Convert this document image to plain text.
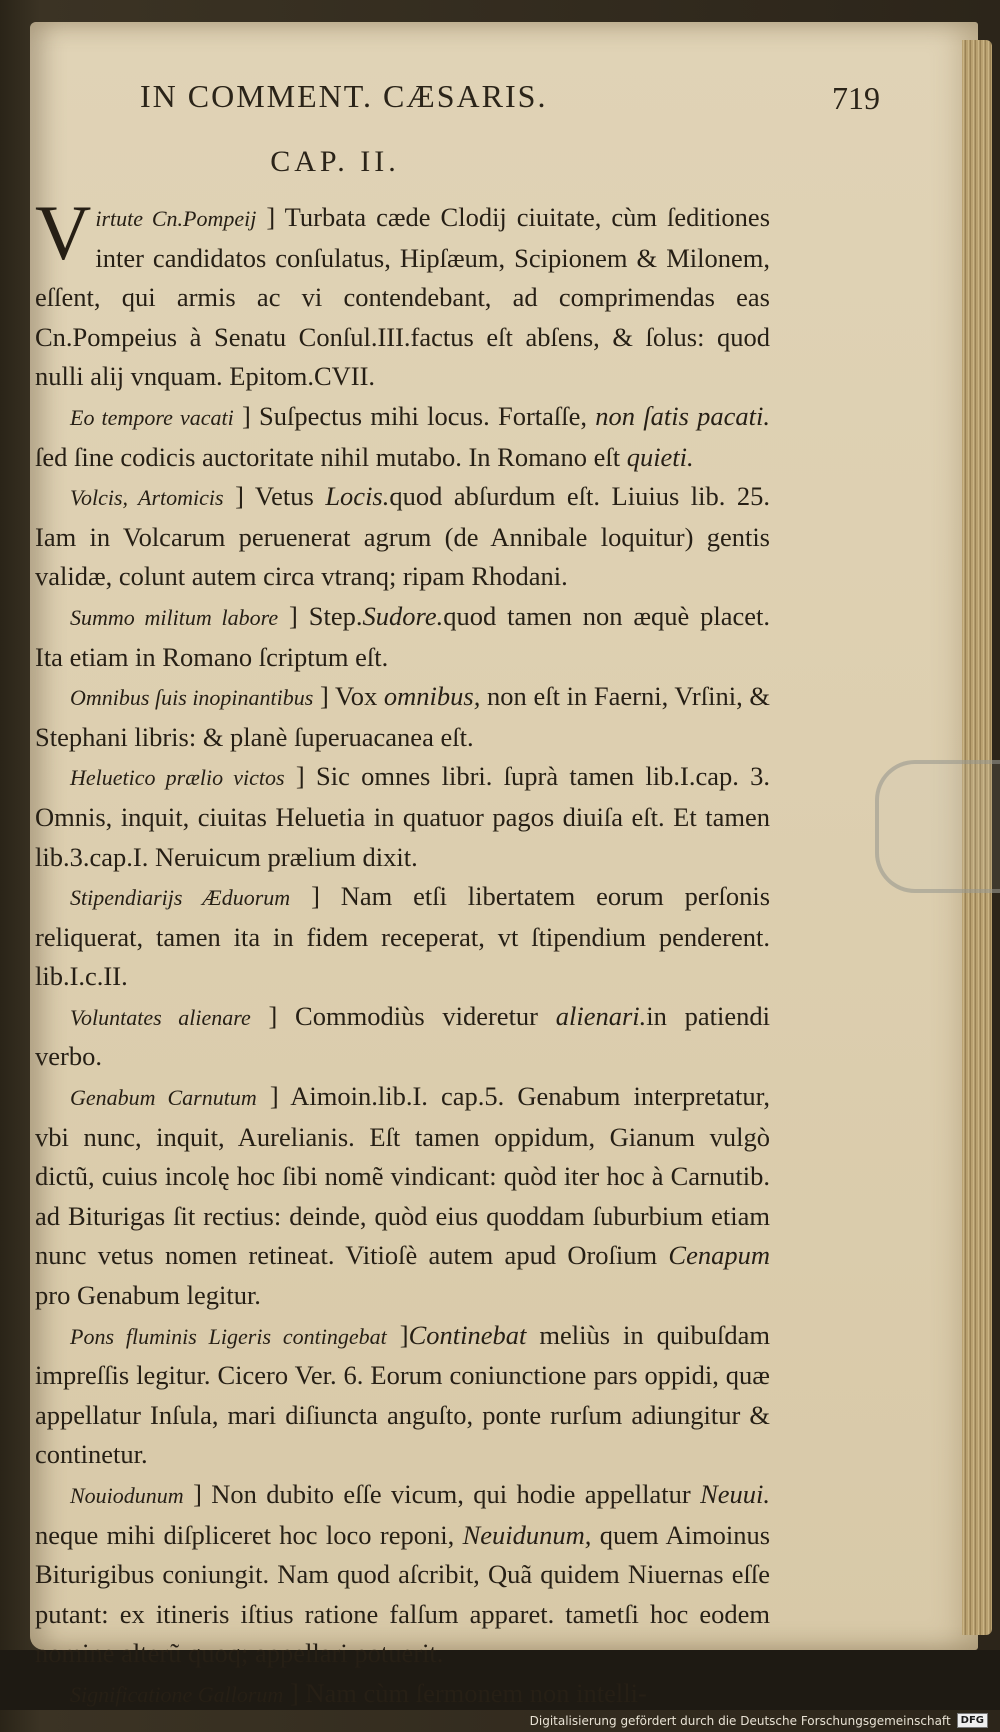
IN COMMENT. CÆSARIS.	719
CAP. II.

Virtute Cn.Pompeij ] Turbata cæde Clodij ciuitate, cùm ſeditiones inter candidatos conſulatus, Hipſæum, Scipionem & Milonem, eſſent, qui armis ac vi contendebant, ad comprimendas eas Cn.Pompeius à Senatu Conſul.III.factus eſt abſens, & ſolus: quod nulli alij vnquam. Epitom.CVII.

Eo tempore vacati ] Suſpectus mihi locus. Fortaſſe, non ſatis pacati. ſed ſine codicis auctoritate nihil mutabo. In Romano eſt quieti.

Volcis, Artomicis ] Vetus Locis.quod abſurdum eſt. Liuius lib. 25. Iam in Volcarum peruenerat agrum (de Annibale loquitur) gentis validæ, colunt autem circa vtranq; ripam Rhodani.

Summo militum labore ] Step.Sudore.quod tamen non æquè placet. Ita etiam in Romano ſcriptum eſt.

Omnibus ſuis inopinantibus ] Vox omnibus, non eſt in Faerni, Vrſini, & Stephani libris: & planè ſuperuacanea eſt.

Heluetico prælio victos ] Sic omnes libri. ſuprà tamen lib.I.cap. 3. Omnis, inquit, ciuitas Heluetia in quatuor pagos diuiſa eſt. Et tamen lib.3.cap.I. Neruicum prælium dixit.

Stipendiarijs Æduorum ] Nam etſi libertatem eorum perſonis reliquerat, tamen ita in fidem receperat, vt ſtipendium penderent. lib.I.c.II.

Voluntates alienare ] Commodiùs videretur alienari.in patiendi verbo.

Genabum Carnutum ] Aimoin.lib.I. cap.5. Genabum interpretatur, vbi nunc, inquit, Aurelianis. Eſt tamen oppidum, Gianum vulgò dictũ, cuius incolę hoc ſibi nomẽ vindicant: quòd iter hoc à Carnutib. ad Biturigas ſit rectius: deinde, quòd eius quoddam ſuburbium etiam nunc vetus nomen retineat. Vitioſè autem apud Oroſium Cenapum pro Genabum legitur.

Pons fluminis Ligeris contingebat ]Continebat meliùs in quibuſdam impreſſis legitur. Cicero Ver. 6. Eorum coniunctione pars oppidi, quæ appellatur Inſula, mari diſiuncta anguſto, ponte rurſum adiungitur & continetur.

Nouiodunum ] Non dubito eſſe vicum, qui hodie appellatur Neuui. neque mihi diſpliceret hoc loco reponi, Neuidunum, quem Aimoinus Biturigibus coniungit. Nam quod aſcribit, Quã quidem Niuernas eſſe putant: ex itineris iſtius ratione falſum apparet. tametſi hoc eodem nomine alterũ quoq; appellari potuerit.

Significatione Gallorum ] Nam cùm ſermonem non intelli-

Digitalisierung gefördert durch die Deutsche Forschungsgemeinschaft	DFG
